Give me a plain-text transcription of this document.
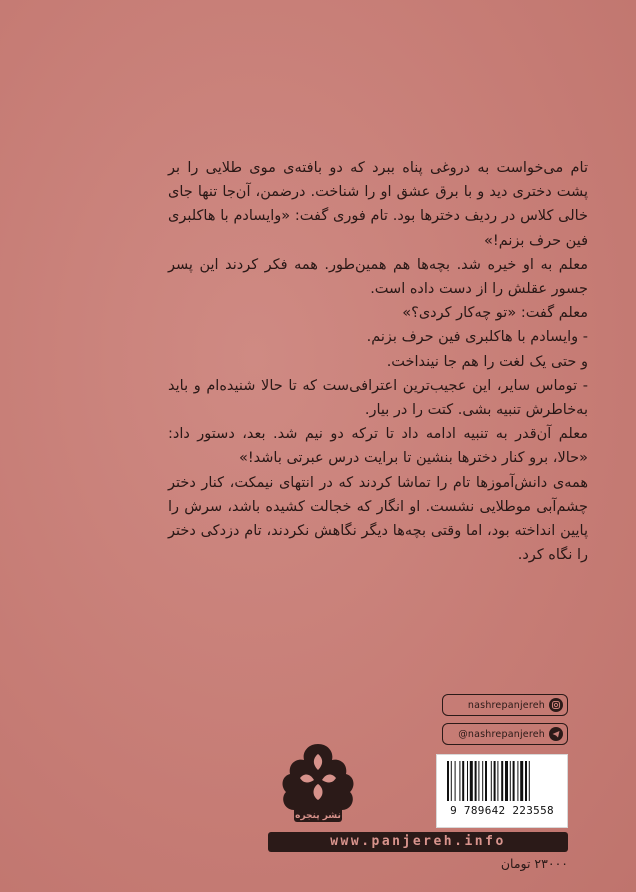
تام می‌خواست به دروغی پناه ببرد که دو بافته‌ی موی طلایی را بر پشت دختری دید و با برق عشق او را شناخت. درضمن، آن‌جا تنها جای خالی کلاس در ردیف دخترها بود. تام فوری گفت: «وایسادم با هاکلبری فین حرف بزنم!»

معلم به او خیره شد. بچه‌ها هم همین‌طور. همه فکر کردند این پسر جسور عقلش را از دست داده است.

معلم گفت: «تو چه‌کار کردی؟»

- وایسادم با هاکلبری فین حرف بزنم.

و حتی یک لغت را هم جا نینداخت.

- توماس سایر، این عجیب‌ترین اعترافی‌ست که تا حالا شنیده‌ام و باید به‌خاطرش تنبیه بشی. کتت را در بیار.

معلم آن‌قدر به تنبیه ادامه داد تا ترکه دو نیم شد. بعد، دستور داد: «حالا، برو کنار دخترها بنشین تا برایت درس عبرتی باشد!»

همه‌ی دانش‌آموزها تام را تماشا کردند که در انتهای نیمکت، کنار دختر چشم‌آبی موطلایی نشست. او انگار که خجالت کشیده باشد، سرش را پایین انداخته بود، اما وقتی بچه‌ها دیگر نگاهش نکردند، تام دزدکی دختر را نگاه کرد.

nashrepanjereh
@nashrepanjereh
نشر پنجره	9 789642 223558
www.panjereh.info
۲۳۰۰۰ تومان
